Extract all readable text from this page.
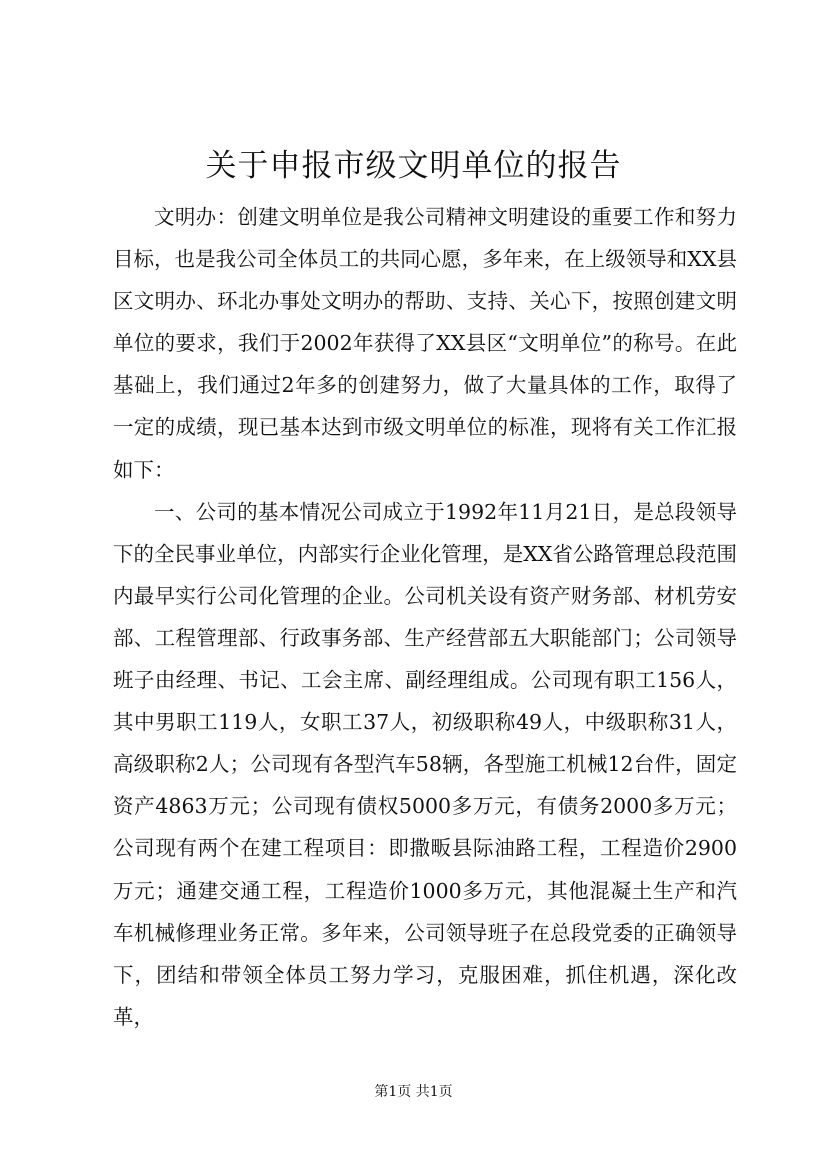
关于申报市级文明单位的报告

文明办：创建文明单位是我公司精神文明建设的重要工作和努力目标，也是我公司全体员工的共同心愿，多年来，在上级领导和XX县区文明办、环北办事处文明办的帮助、支持、关心下，按照创建文明单位的要求，我们于2002年获得了XX县区“文明单位”的称号。在此基础上，我们通过2年多的创建努力，做了大量具体的工作，取得了一定的成绩，现已基本达到市级文明单位的标准，现将有关工作汇报如下：

一、公司的基本情况公司成立于1992年11月21日，是总段领导下的全民事业单位，内部实行企业化管理，是XX省公路管理总段范围内最早实行公司化管理的企业。公司机关设有资产财务部、材机劳安部、工程管理部、行政事务部、生产经营部五大职能部门；公司领导班子由经理、书记、工会主席、副经理组成。公司现有职工156人，其中男职工119人，女职工37人，初级职称49人，中级职称31人，高级职称2人；公司现有各型汽车58辆，各型施工机械12台件，固定资产4863万元；公司现有债权5000多万元，有债务2000多万元；公司现有两个在建工程项目：即撒畈县际油路工程，工程造价2900万元；通建交通工程，工程造价1000多万元，其他混凝土生产和汽车机械修理业务正常。多年来，公司领导班子在总段党委的正确领导下，团结和带领全体员工努力学习，克服困难，抓住机遇，深化改革，

第1页 共1页
